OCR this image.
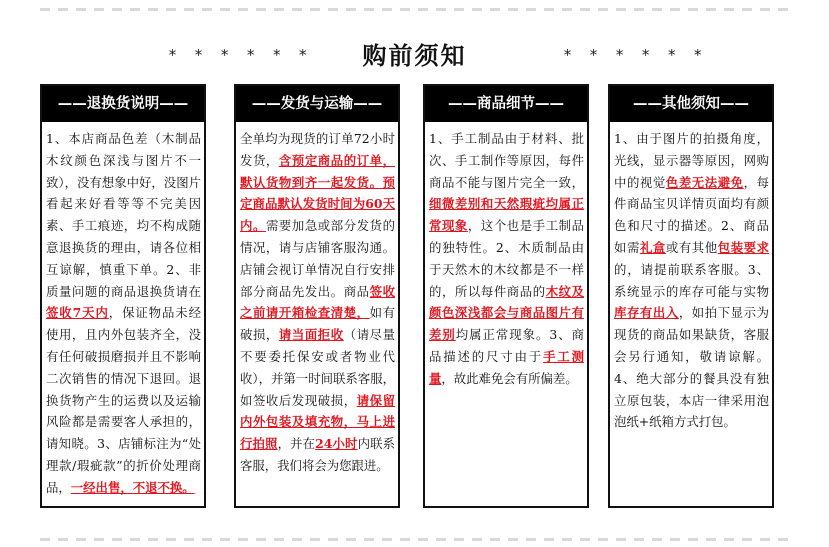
* * * * * *	购前须知	* * * * * *
——退换货说明——
1、本店商品色差（木制品木纹颜色深浅与图片不一致），没有想象中好，没图片看起来好看等等不完美因素、手工痕迹，均不构成随意退换货的理由，请各位相互谅解，慎重下单。2、非质量问题的商品退换货请在签收7天内，保证物品未经使用，且内外包装齐全，没有任何破损磨损并且不影响二次销售的情况下退回。退换货物产生的运费以及运输风险都是需要客人承担的，请知晓。3、店铺标注为“处理款/瑕疵款”的折价处理商品，一经出售，不退不换。
——发货与运输——
全单均为现货的订单72小时发货，含预定商品的订单，默认货物到齐一起发货。预定商品默认发货时间为60天内。需要加急或部分发货的情况，请与店铺客服沟通。店铺会视订单情况自行安排部分商品先发出。商品签收之前请开箱检查清楚，如有破损，请当面拒收（请尽量不要委托保安或者物业代收），并第一时间联系客服，如签收后发现破损，请保留内外包装及填充物，马上进行拍照，并在24小时内联系客服，我们将会为您跟进。
——商品细节——
1、手工制品由于材料、批次、手工制作等原因，每件商品不能与图片完全一致，细微差别和天然瑕疵均属正常现象，这个也是手工制品的独特性。2、木质制品由于天然木的木纹都是不一样的，所以每件商品的木纹及颜色深浅都会与商品图片有差别均属正常现象。3、商品描述的尺寸由于手工测量，故此难免会有所偏差。
——其他须知——
1、由于图片的拍摄角度，光线，显示器等原因，网购中的视觉色差无法避免，每件商品宝贝详情页面均有颜色和尺寸的描述。2、商品如需礼盒或有其他包装要求的，请提前联系客服。3、系统显示的库存可能与实物库存有出入，如拍下显示为现货的商品如果缺货，客服会另行通知，敬请谅解。4、绝大部分的餐具没有独立原包装，本店一律采用泡泡纸+纸箱方式打包。
